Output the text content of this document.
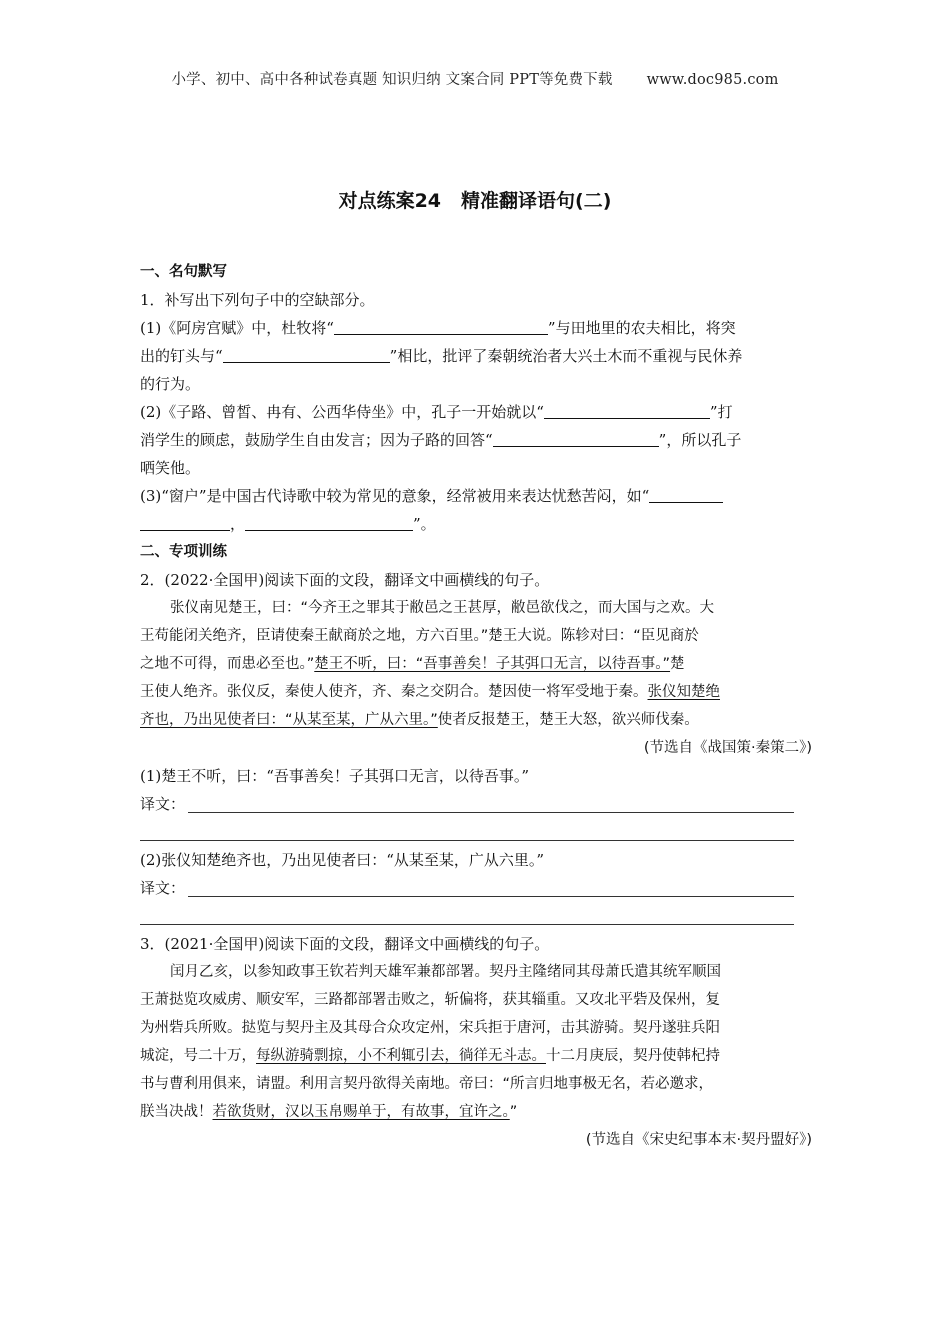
小学、初中、高中各种试卷真题 知识归纳 文案合同 PPT等免费下载 www.doc985.com
对点练案24 精准翻译语句(二)
一、名句默写
1．补写出下列句子中的空缺部分。
(1)《阿房宫赋》中，杜牧将“	”与田地里的农夫相比，将突
出的钉头与“	”相比，批评了秦朝统治者大兴土木而不重视与民休养
的行为。
(2)《子路、曾皙、冉有、公西华侍坐》中，孔子一开始就以“	”打
消学生的顾虑，鼓励学生自由发言；因为子路的回答“	”，所以孔子
哂笑他。
(3)“窗户”是中国古代诗歌中较为常见的意象，经常被用来表达忧愁苦闷，如“
，	”。
二、专项训练
2．(2022·全国甲)阅读下面的文段，翻译文中画横线的句子。
张仪南见楚王，曰：“今齐王之罪其于敝邑之王甚厚，敝邑欲伐之，而大国与之欢。大
王苟能闭关绝齐，臣请使秦王献商於之地，方六百里。”楚王大说。陈轸对曰：“臣见商於
之地不可得，而患必至也。”楚王不听，曰：“吾事善矣！子其弭口无言，以待吾事。”楚
王使人绝齐。张仪反，秦使人使齐，齐、秦之交阴合。楚因使一将军受地于秦。张仪知楚绝
齐也，乃出见使者曰：“从某至某，广从六里。”使者反报楚王，楚王大怒，欲兴师伐秦。
(节选自《战国策·秦策二》)
(1)楚王不听，曰：“吾事善矣！子其弭口无言，以待吾事。”
译文：
(2)张仪知楚绝齐也，乃出见使者曰：“从某至某，广从六里。”
译文：
3．(2021·全国甲)阅读下面的文段，翻译文中画横线的句子。
闰月乙亥，以参知政事王钦若判天雄军兼都部署。契丹主隆绪同其母萧氏遣其统军顺国
王萧挞览攻威虏、顺安军，三路都部署击败之，斩偏将，获其辎重。又攻北平砦及保州，复
为州砦兵所败。挞览与契丹主及其母合众攻定州，宋兵拒于唐河，击其游骑。契丹遂驻兵阳
城淀，号二十万，每纵游骑剽掠，小不利辄引去，徜徉无斗志。十二月庚辰，契丹使韩杞持
书与曹利用俱来，请盟。利用言契丹欲得关南地。帝曰：“所言归地事极无名，若必邀求，
朕当决战！若欲货财，汉以玉帛赐单于，有故事，宜许之。”
(节选自《宋史纪事本末·契丹盟好》)
